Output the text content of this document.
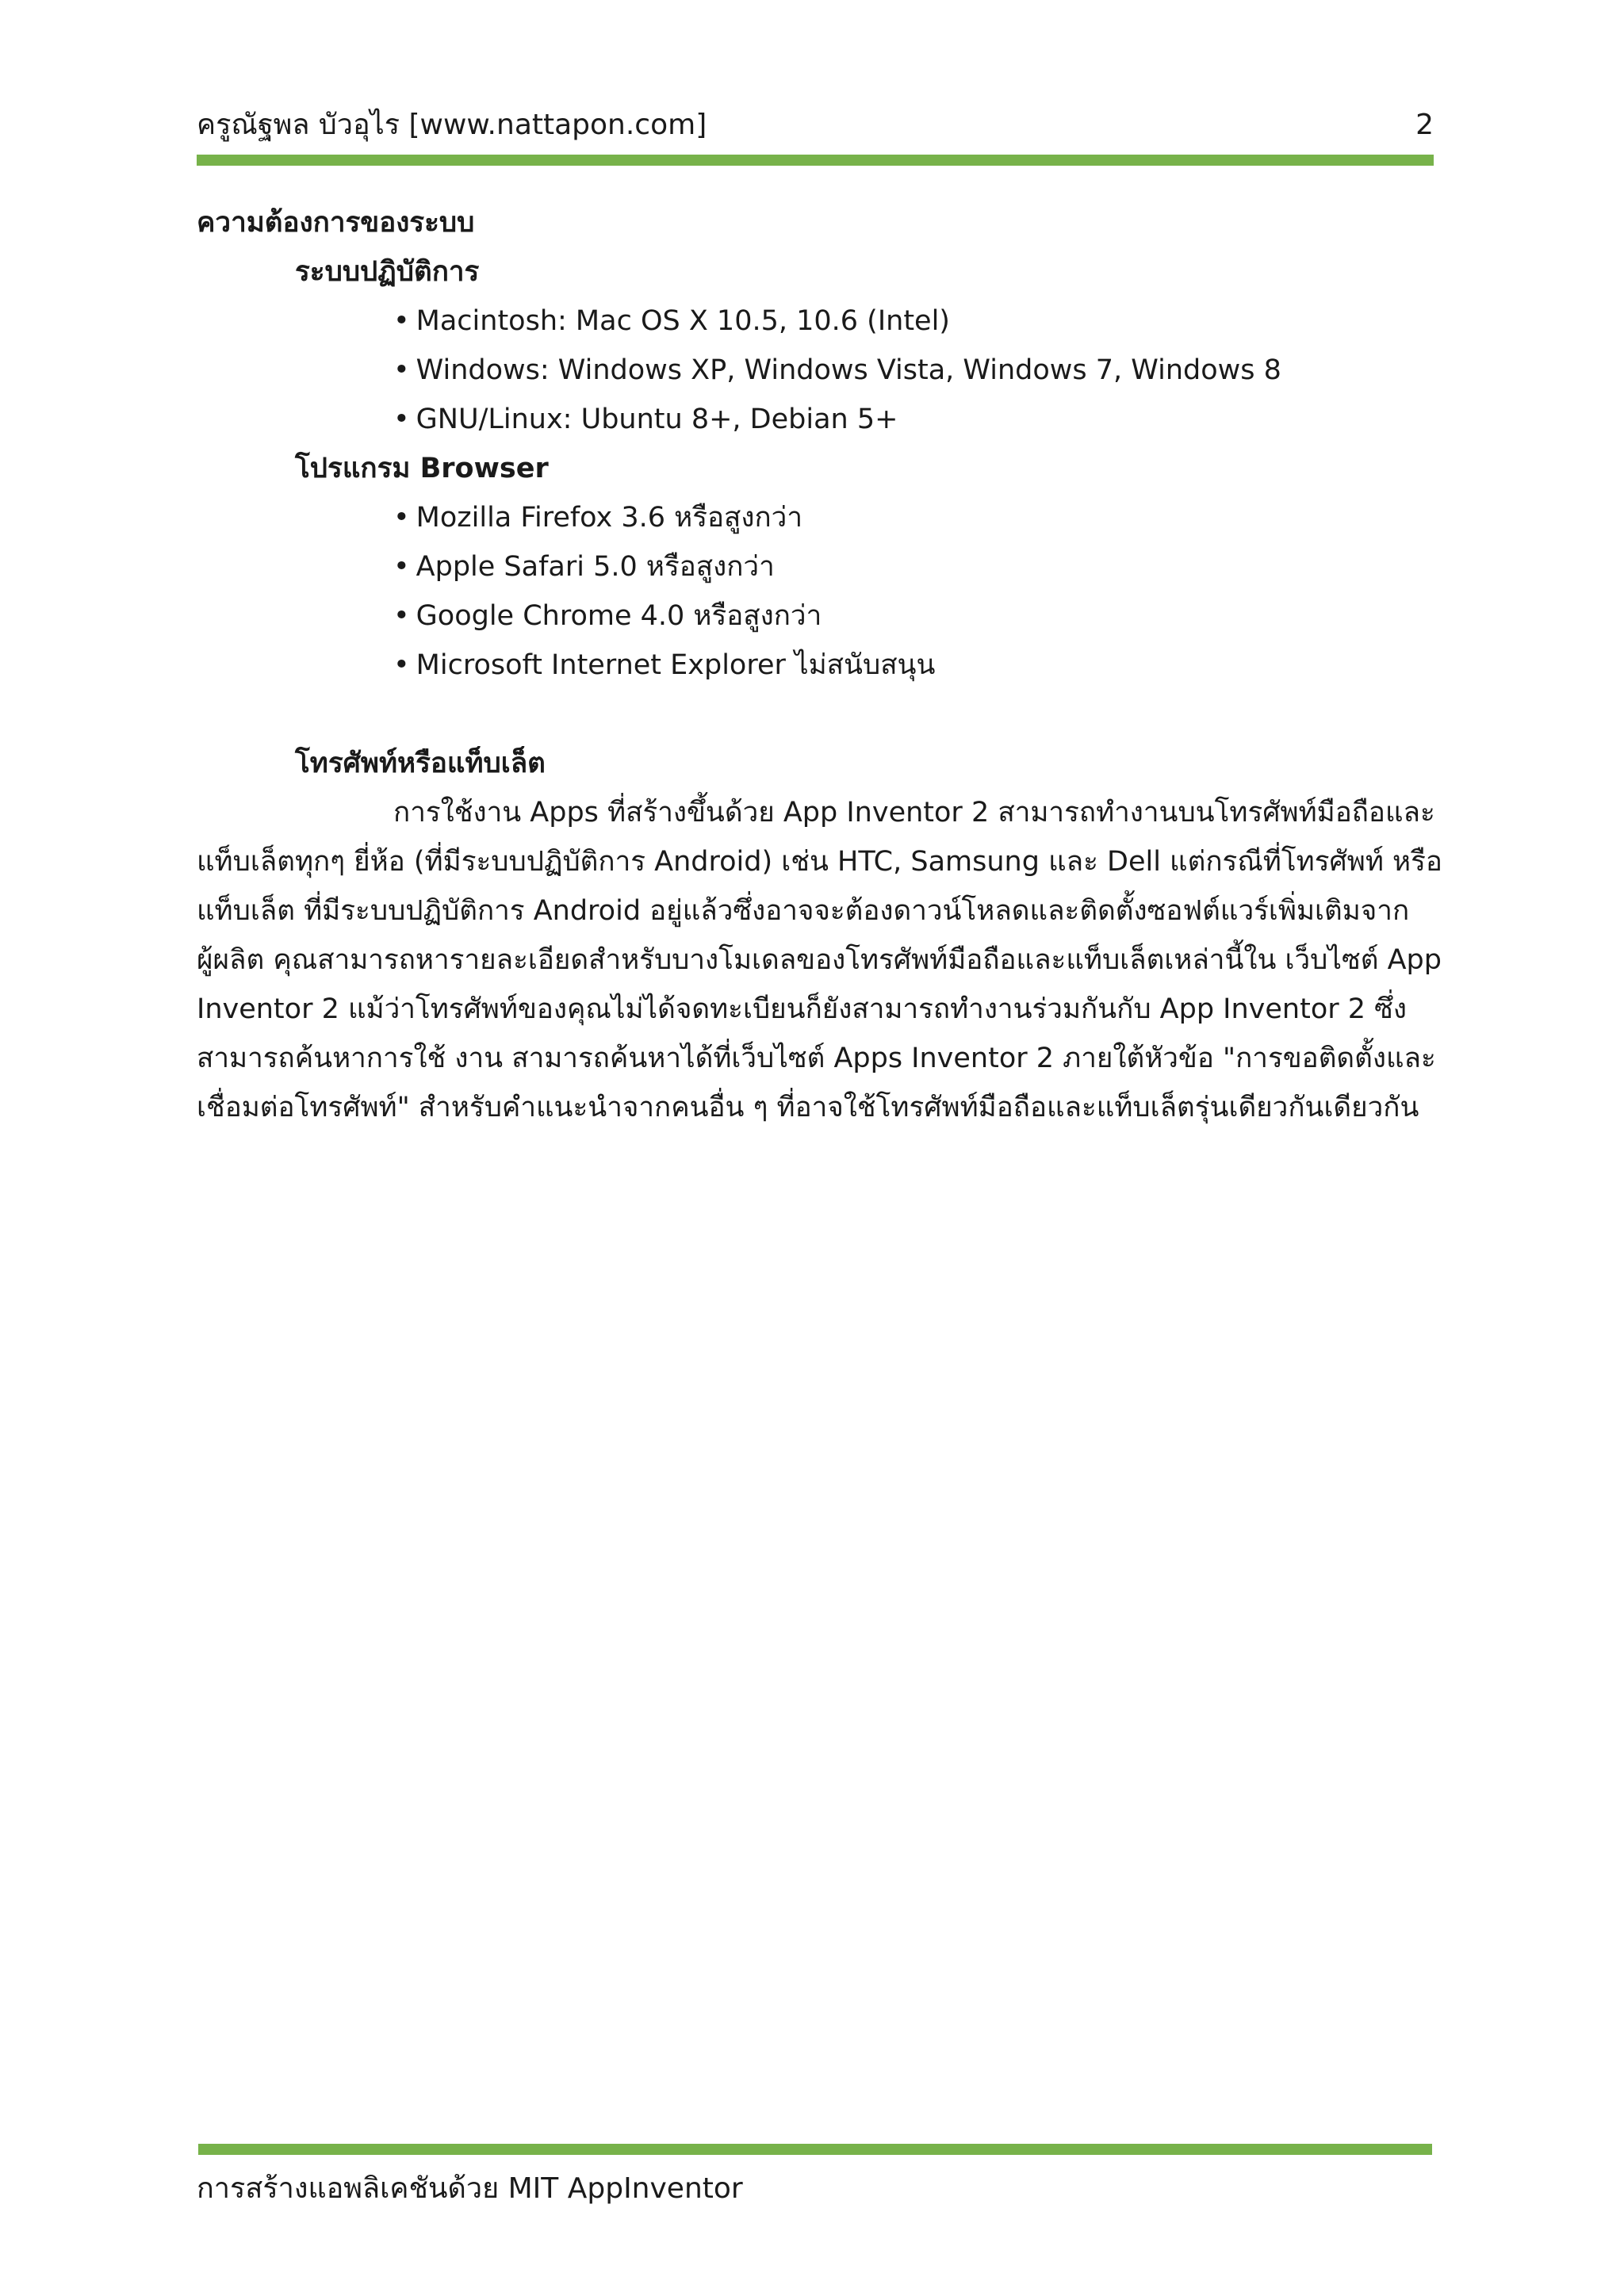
ครูณัฐพล บัวอุไร [www.nattapon.com]	2

ความต้องการของระบบ

ระบบปฏิบัติการ

• Macintosh: Mac OS X 10.5, 10.6 (Intel)
• Windows: Windows XP, Windows Vista, Windows 7, Windows 8
• GNU/Linux: Ubuntu 8+, Debian 5+

โปรแกรม Browser

• Mozilla Firefox 3.6 หรือสูงกว่า
• Apple Safari 5.0 หรือสูงกว่า
• Google Chrome 4.0 หรือสูงกว่า
• Microsoft Internet Explorer ไม่สนับสนุน

โทรศัพท์หรือแท็บเล็ต

การใช้งาน Apps ที่สร้างขึ้นด้วย App Inventor 2 สามารถทำงานบนโทรศัพท์มือถือและ
แท็บเล็ตทุกๆ ยี่ห้อ (ที่มีระบบปฏิบัติการ Android) เช่น HTC, Samsung และ Dell แต่กรณีที่โทรศัพท์ หรือ
แท็บเล็ต ที่มีระบบปฏิบัติการ Android อยู่แล้วซึ่งอาจจะต้องดาวน์โหลดและติดตั้งซอฟต์แวร์เพิ่มเติมจาก
ผู้ผลิต คุณสามารถหารายละเอียดสำหรับบางโมเดลของโทรศัพท์มือถือและแท็บเล็ตเหล่านี้ใน เว็บไซต์ App
Inventor 2 แม้ว่าโทรศัพท์ของคุณไม่ได้จดทะเบียนก็ยังสามารถทำงานร่วมกันกับ App Inventor 2 ซึ่ง
สามารถค้นหาการใช้ งาน สามารถค้นหาได้ที่เว็บไซต์ Apps Inventor 2 ภายใต้หัวข้อ "การขอติดตั้งและ
เชื่อมต่อโทรศัพท์" สำหรับคำแนะนำจากคนอื่น ๆ ที่อาจใช้โทรศัพท์มือถือและแท็บเล็ตรุ่นเดียวกันเดียวกัน

การสร้างแอพลิเคชันด้วย MIT AppInventor
